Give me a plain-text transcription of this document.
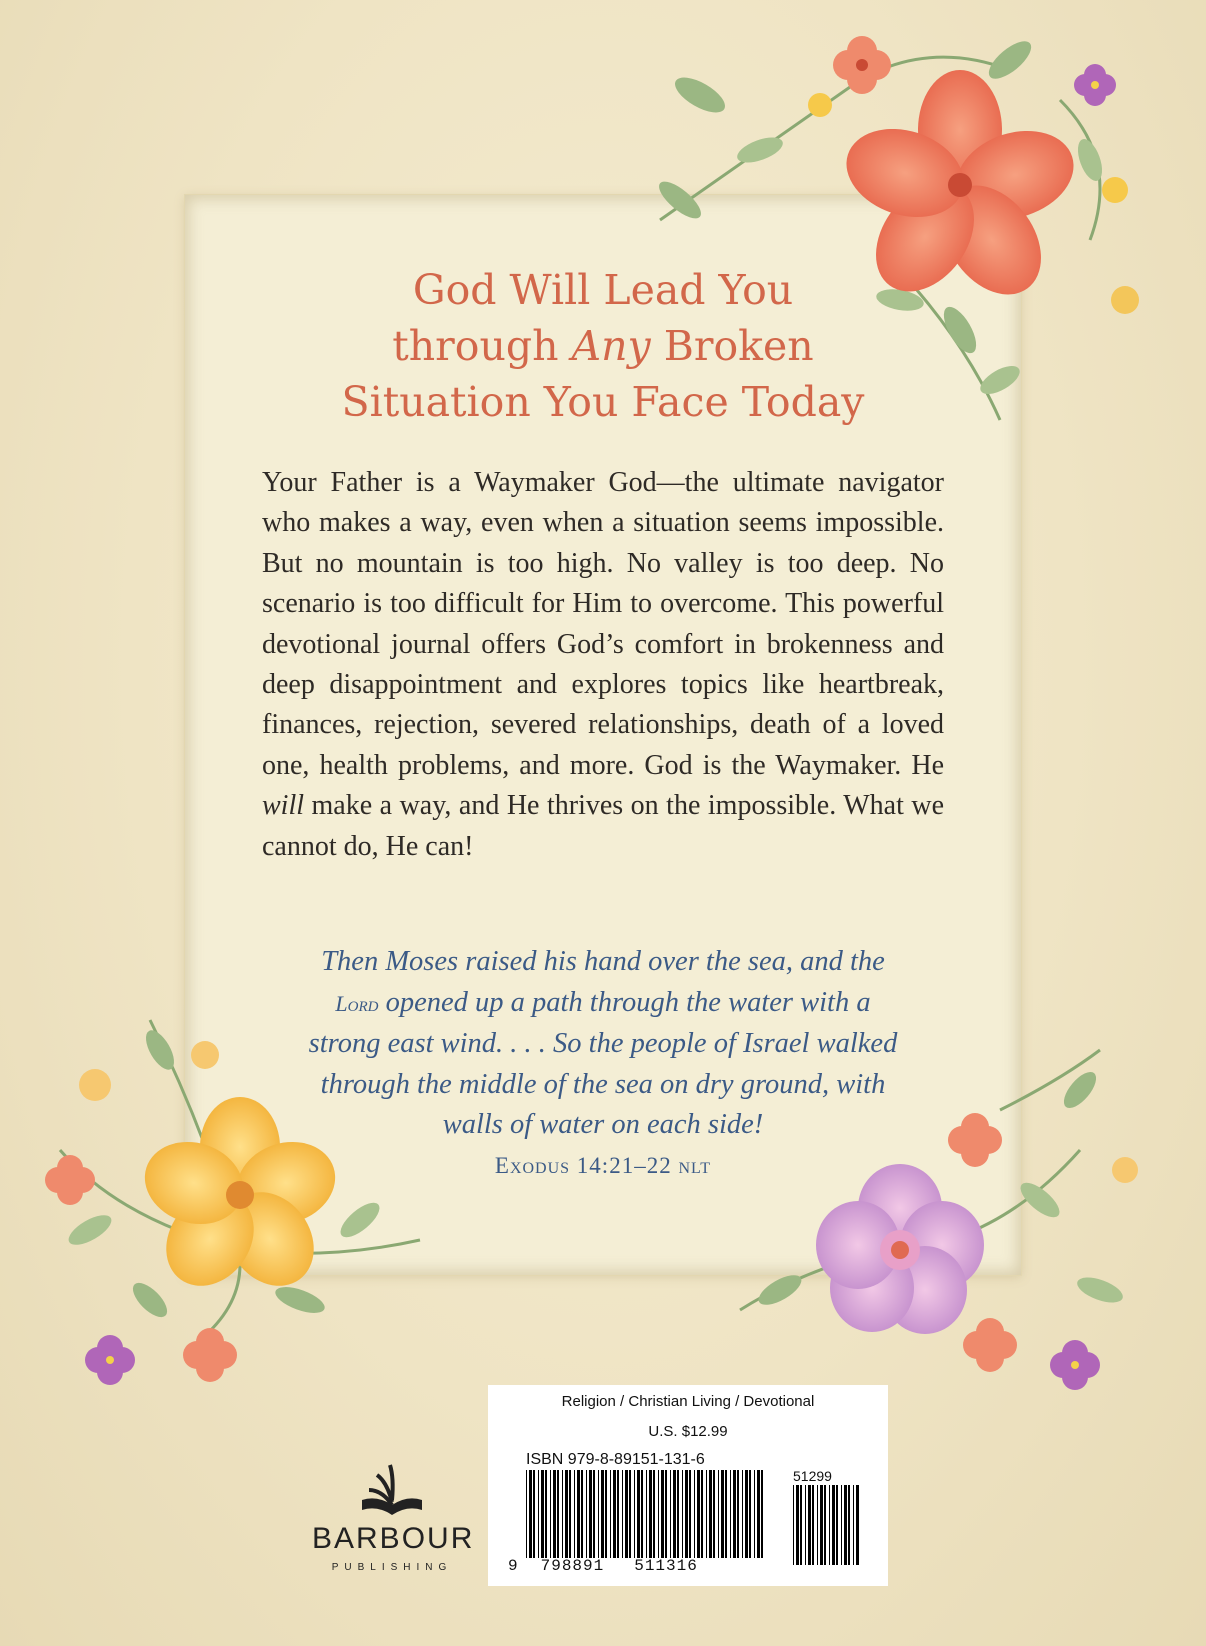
God Will Lead You
through Any Broken
Situation You Face Today
Your Father is a Waymaker God—the ultimate navigator who makes a way, even when a situation seems impossible. But no mountain is too high. No valley is too deep. No scenario is too difficult for Him to overcome. This powerful devotional journal offers God’s comfort in brokenness and deep disappointment and explores topics like heartbreak, finances, rejection, severed relationships, death of a loved one, health problems, and more. God is the Waymaker. He will make a way, and He thrives on the impossible. What we cannot do, He can!
Then Moses raised his hand over the sea, and the Lord opened up a path through the water with a strong east wind. . . . So the people of Israel walked through the middle of the sea on dry ground, with walls of water on each side!
Exodus 14:21–22 nlt
BARBOUR
PUBLISHING
Religion / Christian Living / Devotional
U.S. $12.99
ISBN 979-8-89151-131-6
51299
9 798891 511316
